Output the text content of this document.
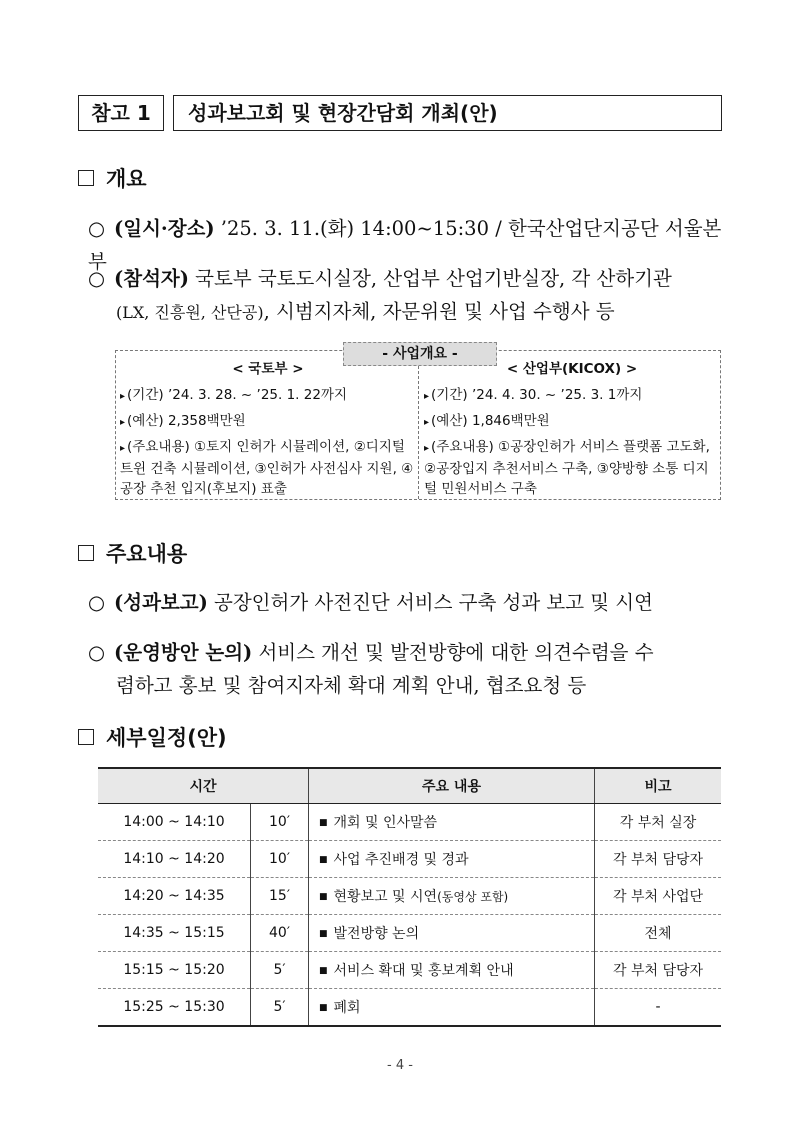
참고 1	성과보고회 및 현장간담회 개최(안)
개요
○ (일시·장소) ’25. 3. 11.(화) 14:00~15:30 / 한국산업단지공단 서울본부
○ (참석자) 국토부 국토도시실장, 산업부 산업기반실장, 각 산하기관
(LX, 진흥원, 산단공), 시범지자체, 자문위원 및 사업 수행사 등
- 사업개요 -
< 국토부 >
▸ (기간) ’24. 3. 28. ~ ’25. 1. 22까지
▸ (예산) 2,358백만원
▸ (주요내용) ①토지 인허가 시뮬레이션, ②디지털 트윈 건축 시뮬레이션, ③인허가 사전심사 지원, ④공장 추천 입지(후보지) 표출
< 산업부(KICOX) >
▸ (기간) ’24. 4. 30. ~ ’25. 3. 1까지
▸ (예산) 1,846백만원
▸ (주요내용) ①공장인허가 서비스 플랫폼 고도화, ②공장입지 추천서비스 구축, ③양방향 소통 디지털 민원서비스 구축
주요내용
○ (성과보고) 공장인허가 사전진단 서비스 구축 성과 보고 및 시연
○ (운영방안 논의) 서비스 개선 및 발전방향에 대한 의견수렴을 수
렴하고 홍보 및 참여지자체 확대 계획 안내, 협조요청 등
세부일정(안)
시간		주요 내용	비고
14:00 ~ 14:10	10′	■ 개회 및 인사말씀	각 부처 실장
14:10 ~ 14:20	10′	■ 사업 추진배경 및 경과	각 부처 담당자
14:20 ~ 14:35	15′	■ 현황보고 및 시연(동영상 포함)	각 부처 사업단
14:35 ~ 15:15	40′	■ 발전방향 논의	전체
15:15 ~ 15:20	5′	■ 서비스 확대 및 홍보계획 안내	각 부처 담당자
15:25 ~ 15:30	5′	■ 폐회	-
- 4 -
